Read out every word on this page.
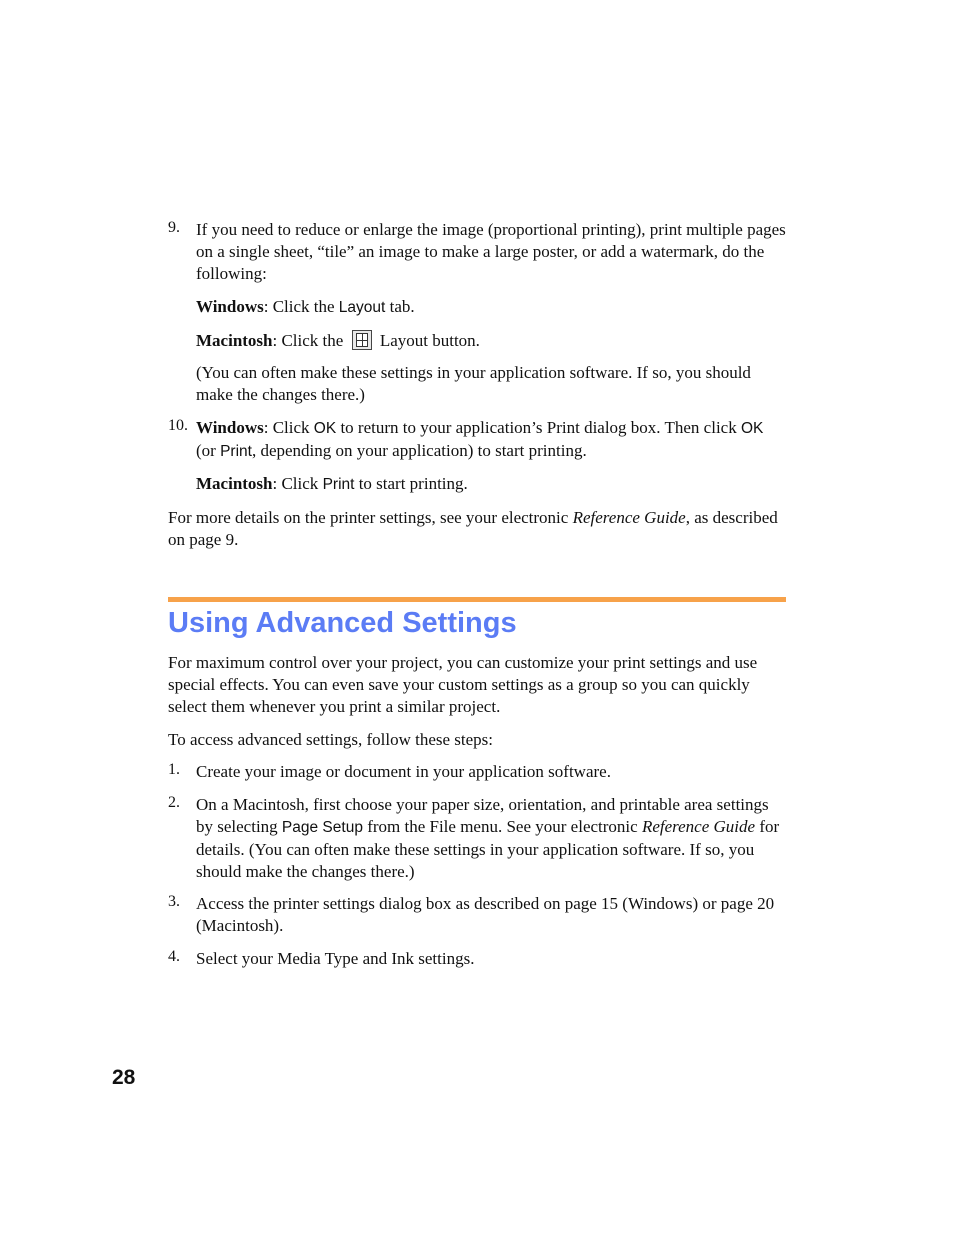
9. If you need to reduce or enlarge the image (proportional printing), print multiple pages on a single sheet, “tile” an image to make a large poster, or add a watermark, do the following:

Windows: Click the Layout tab.

Macintosh: Click the
Layout button.

(You can often make these settings in your application software. If so, you should make the changes there.)

10. Windows: Click OK to return to your application’s Print dialog box. Then click OK (or Print, depending on your application) to start printing.

Macintosh: Click Print to start printing.

For more details on the printer settings, see your electronic Reference Guide, as described on page 9.

Using Advanced Settings

For maximum control over your project, you can customize your print settings and use special effects. You can even save your custom settings as a group so you can quickly select them whenever you print a similar project.

To access advanced settings, follow these steps:

1. Create your image or document in your application software.

2. On a Macintosh, first choose your paper size, orientation, and printable area settings by selecting Page Setup from the File menu. See your electronic Reference Guide for details. (You can often make these settings in your application software. If so, you should make the changes there.)

3. Access the printer settings dialog box as described on page 15 (Windows) or page 20 (Macintosh).

4. Select your Media Type and Ink settings.

28
